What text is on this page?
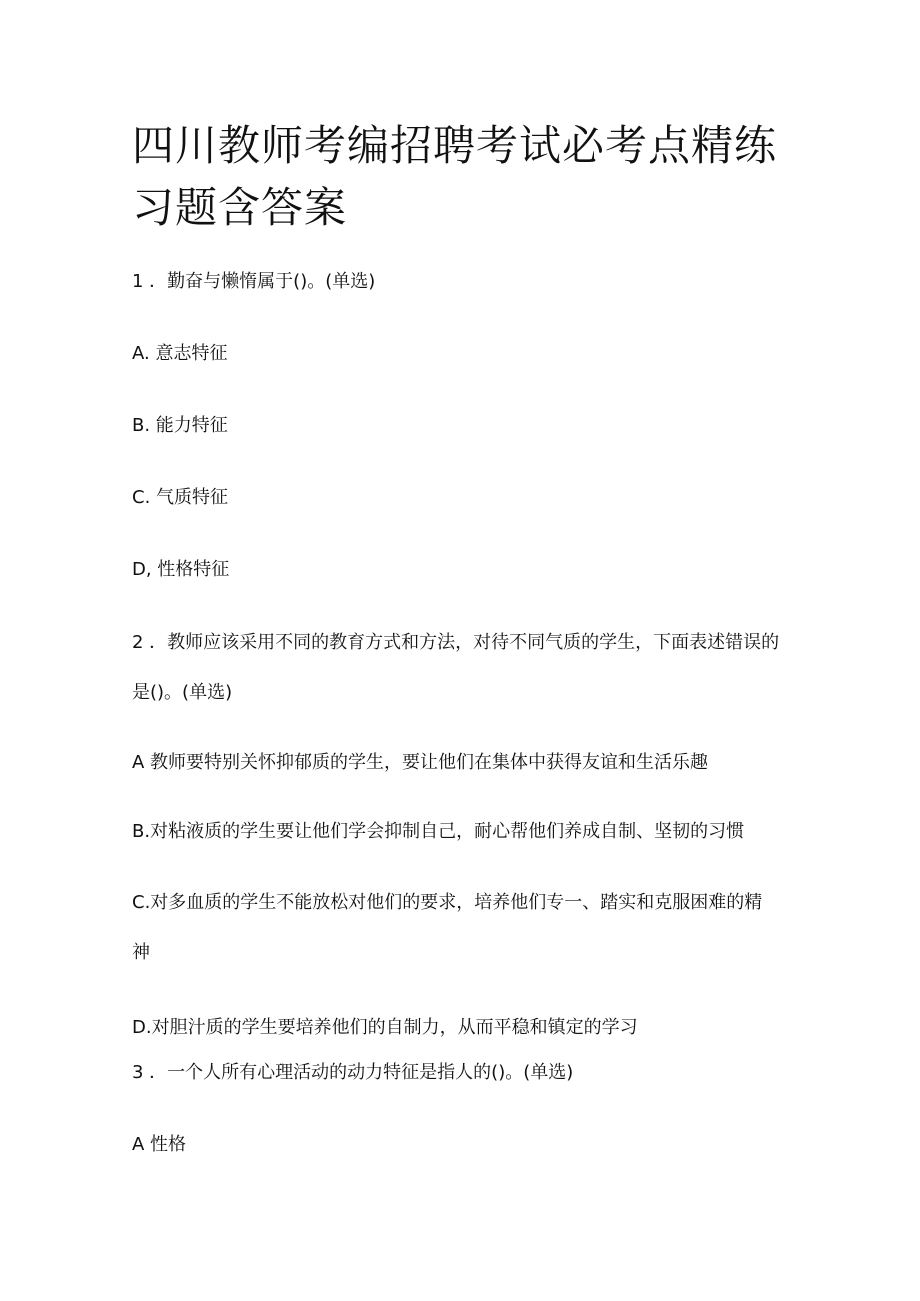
四川教师考编招聘考试必考点精练习题含答案
1 ．勤奋与懒惰属于()。(单选)
A. 意志特征
B. 能力特征
C. 气质特征
D, 性格特征
2 ．教师应该采用不同的教育方式和方法，对待不同气质的学生，下面表述错误的
是()。(单选)
A 教师要特别关怀抑郁质的学生，要让他们在集体中获得友谊和生活乐趣
B.对粘液质的学生要让他们学会抑制自己，耐心帮他们养成自制、坚韧的习惯
C.对多血质的学生不能放松对他们的要求，培养他们专一、踏实和克服困难的精
神
D.对胆汁质的学生要培养他们的自制力，从而平稳和镇定的学习
3 ．一个人所有心理活动的动力特征是指人的()。(单选)
A 性格
